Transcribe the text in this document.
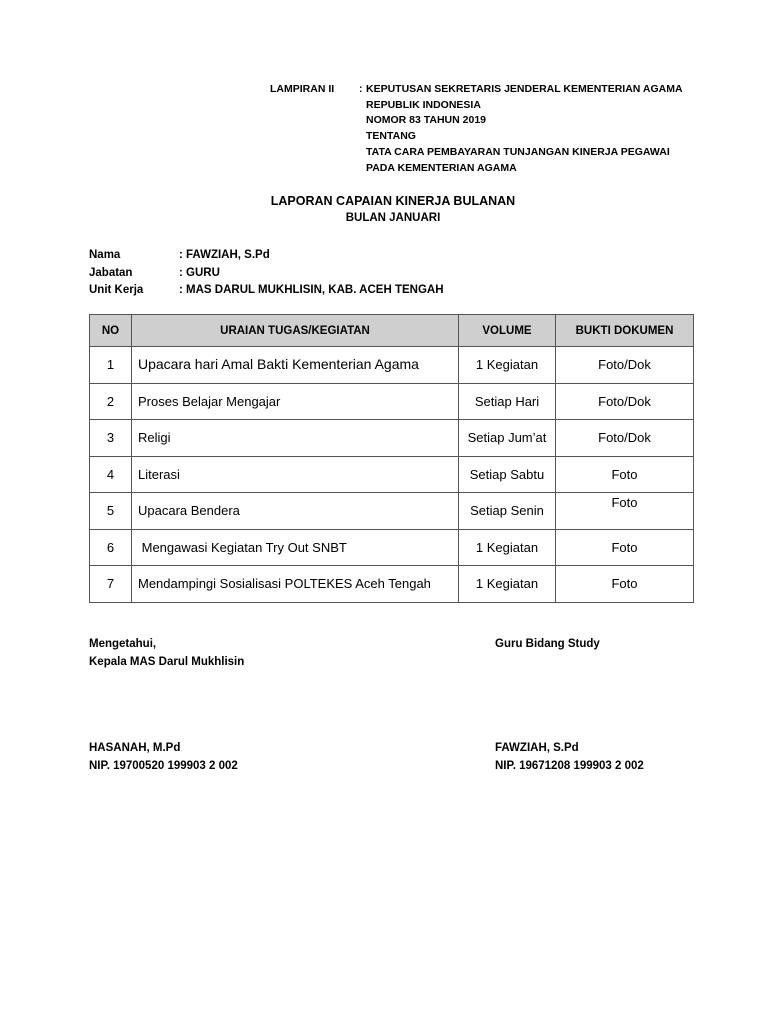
LAMPIRAN II : KEPUTUSAN SEKRETARIS JENDERAL KEMENTERIAN AGAMA
REPUBLIK INDONESIA
NOMOR 83 TAHUN 2019
TENTANG
TATA CARA PEMBAYARAN TUNJANGAN KINERJA PEGAWAI
PADA KEMENTERIAN AGAMA
LAPORAN CAPAIAN KINERJA BULANAN
BULAN JANUARI
Nama	: FAWZIAH, S.Pd
Jabatan	: GURU
Unit Kerja	: MAS DARUL MUKHLISIN, KAB. ACEH TENGAH
NO	URAIAN TUGAS/KEGIATAN	VOLUME	BUKTI DOKUMEN
1	Upacara hari Amal Bakti Kementerian Agama	1 Kegiatan	Foto/Dok
2	Proses Belajar Mengajar	Setiap Hari	Foto/Dok
3	Religi	Setiap Jum’at	Foto/Dok
4	Literasi	Setiap Sabtu	Foto
5	Upacara Bendera	Setiap Senin	Foto
6	Mengawasi Kegiatan Try Out SNBT	1 Kegiatan	Foto
7	Mendampingi Sosialisasi POLTEKES Aceh Tengah	1 Kegiatan	Foto
Mengetahui,
Kepala MAS Darul Mukhlisin
HASANAH, M.Pd
NIP. 19700520 199903 2 002
Guru Bidang Study
FAWZIAH, S.Pd
NIP. 19671208 199903 2 002
